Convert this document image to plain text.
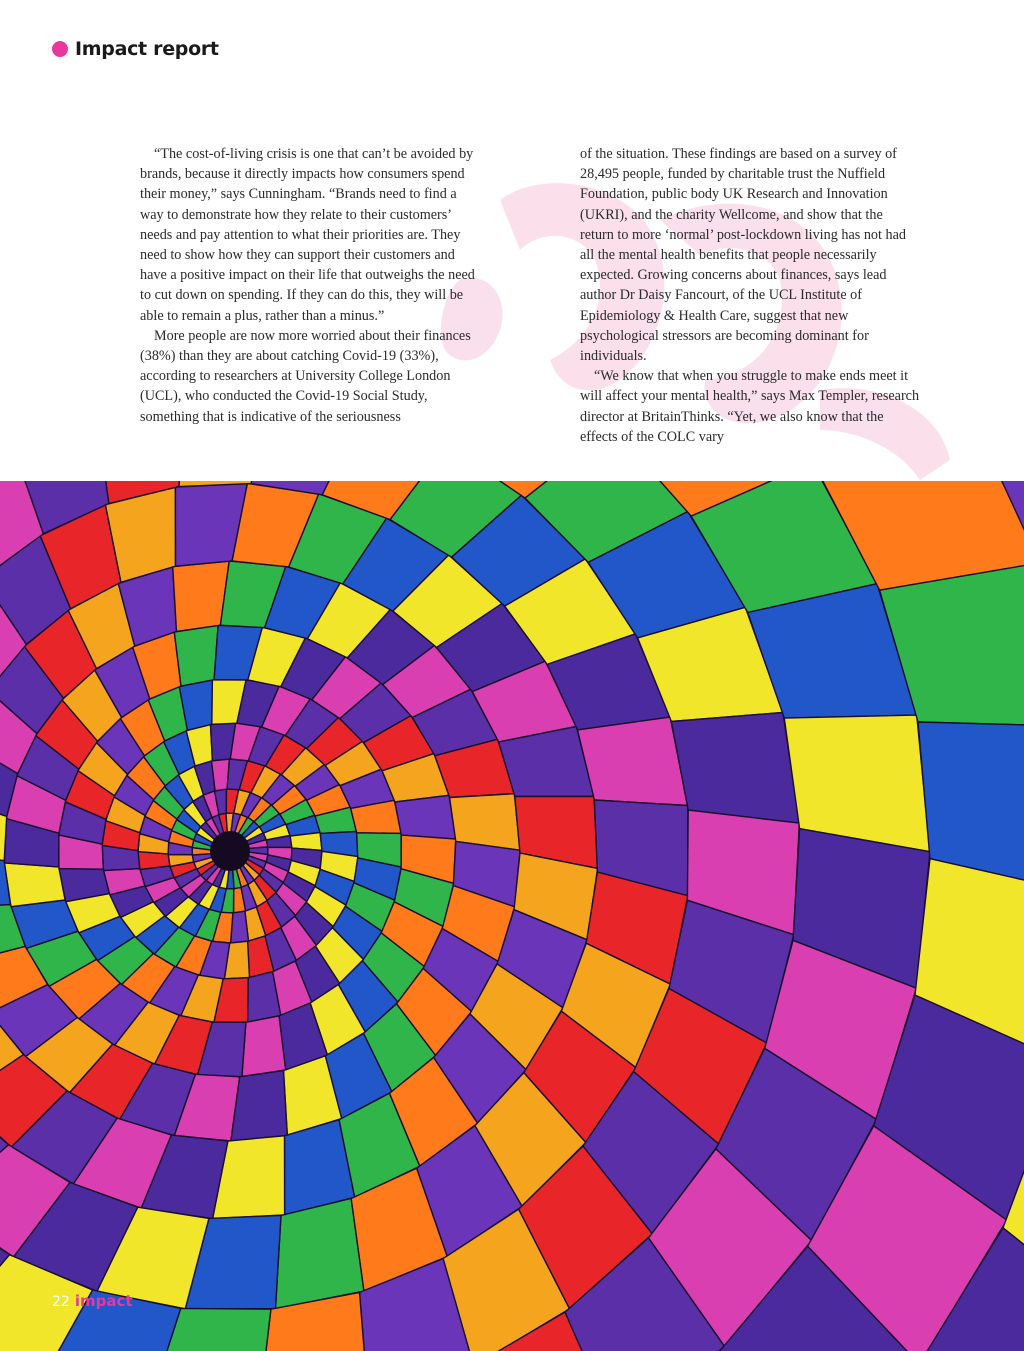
Impact report

“The cost-of-living crisis is one that can’t be avoided by brands, because it directly impacts how consumers spend their money,” says Cunningham. “Brands need to find a way to demonstrate how they relate to their customers’ needs and pay attention to what their priorities are. They need to show how they can support their customers and have a positive impact on their life that outweighs the need to cut down on spending. If they can do this, they will be able to remain a plus, rather than a minus.”

More people are now more worried about their finances (38%) than they are about catching Covid-19 (33%), according to researchers at University College London (UCL), who conducted the Covid-19 Social Study, something that is indicative of the seriousness

of the situation. These findings are based on a survey of 28,495 people, funded by charitable trust the Nuffield Foundation, public body UK Research and Innovation (UKRI), and the charity Wellcome, and show that the return to more ‘normal’ post-lockdown living has not had all the mental health benefits that people necessarily expected. Growing concerns about finances, says lead author Dr Daisy Fancourt, of the UCL Institute of Epidemiology & Health Care, suggest that new psychological stressors are becoming dominant for individuals.

“We know that when you struggle to make ends meet it will affect your mental health,” says Max Templer, research director at BritainThinks. “Yet, we also know that the effects of the COLC vary

22 impact
